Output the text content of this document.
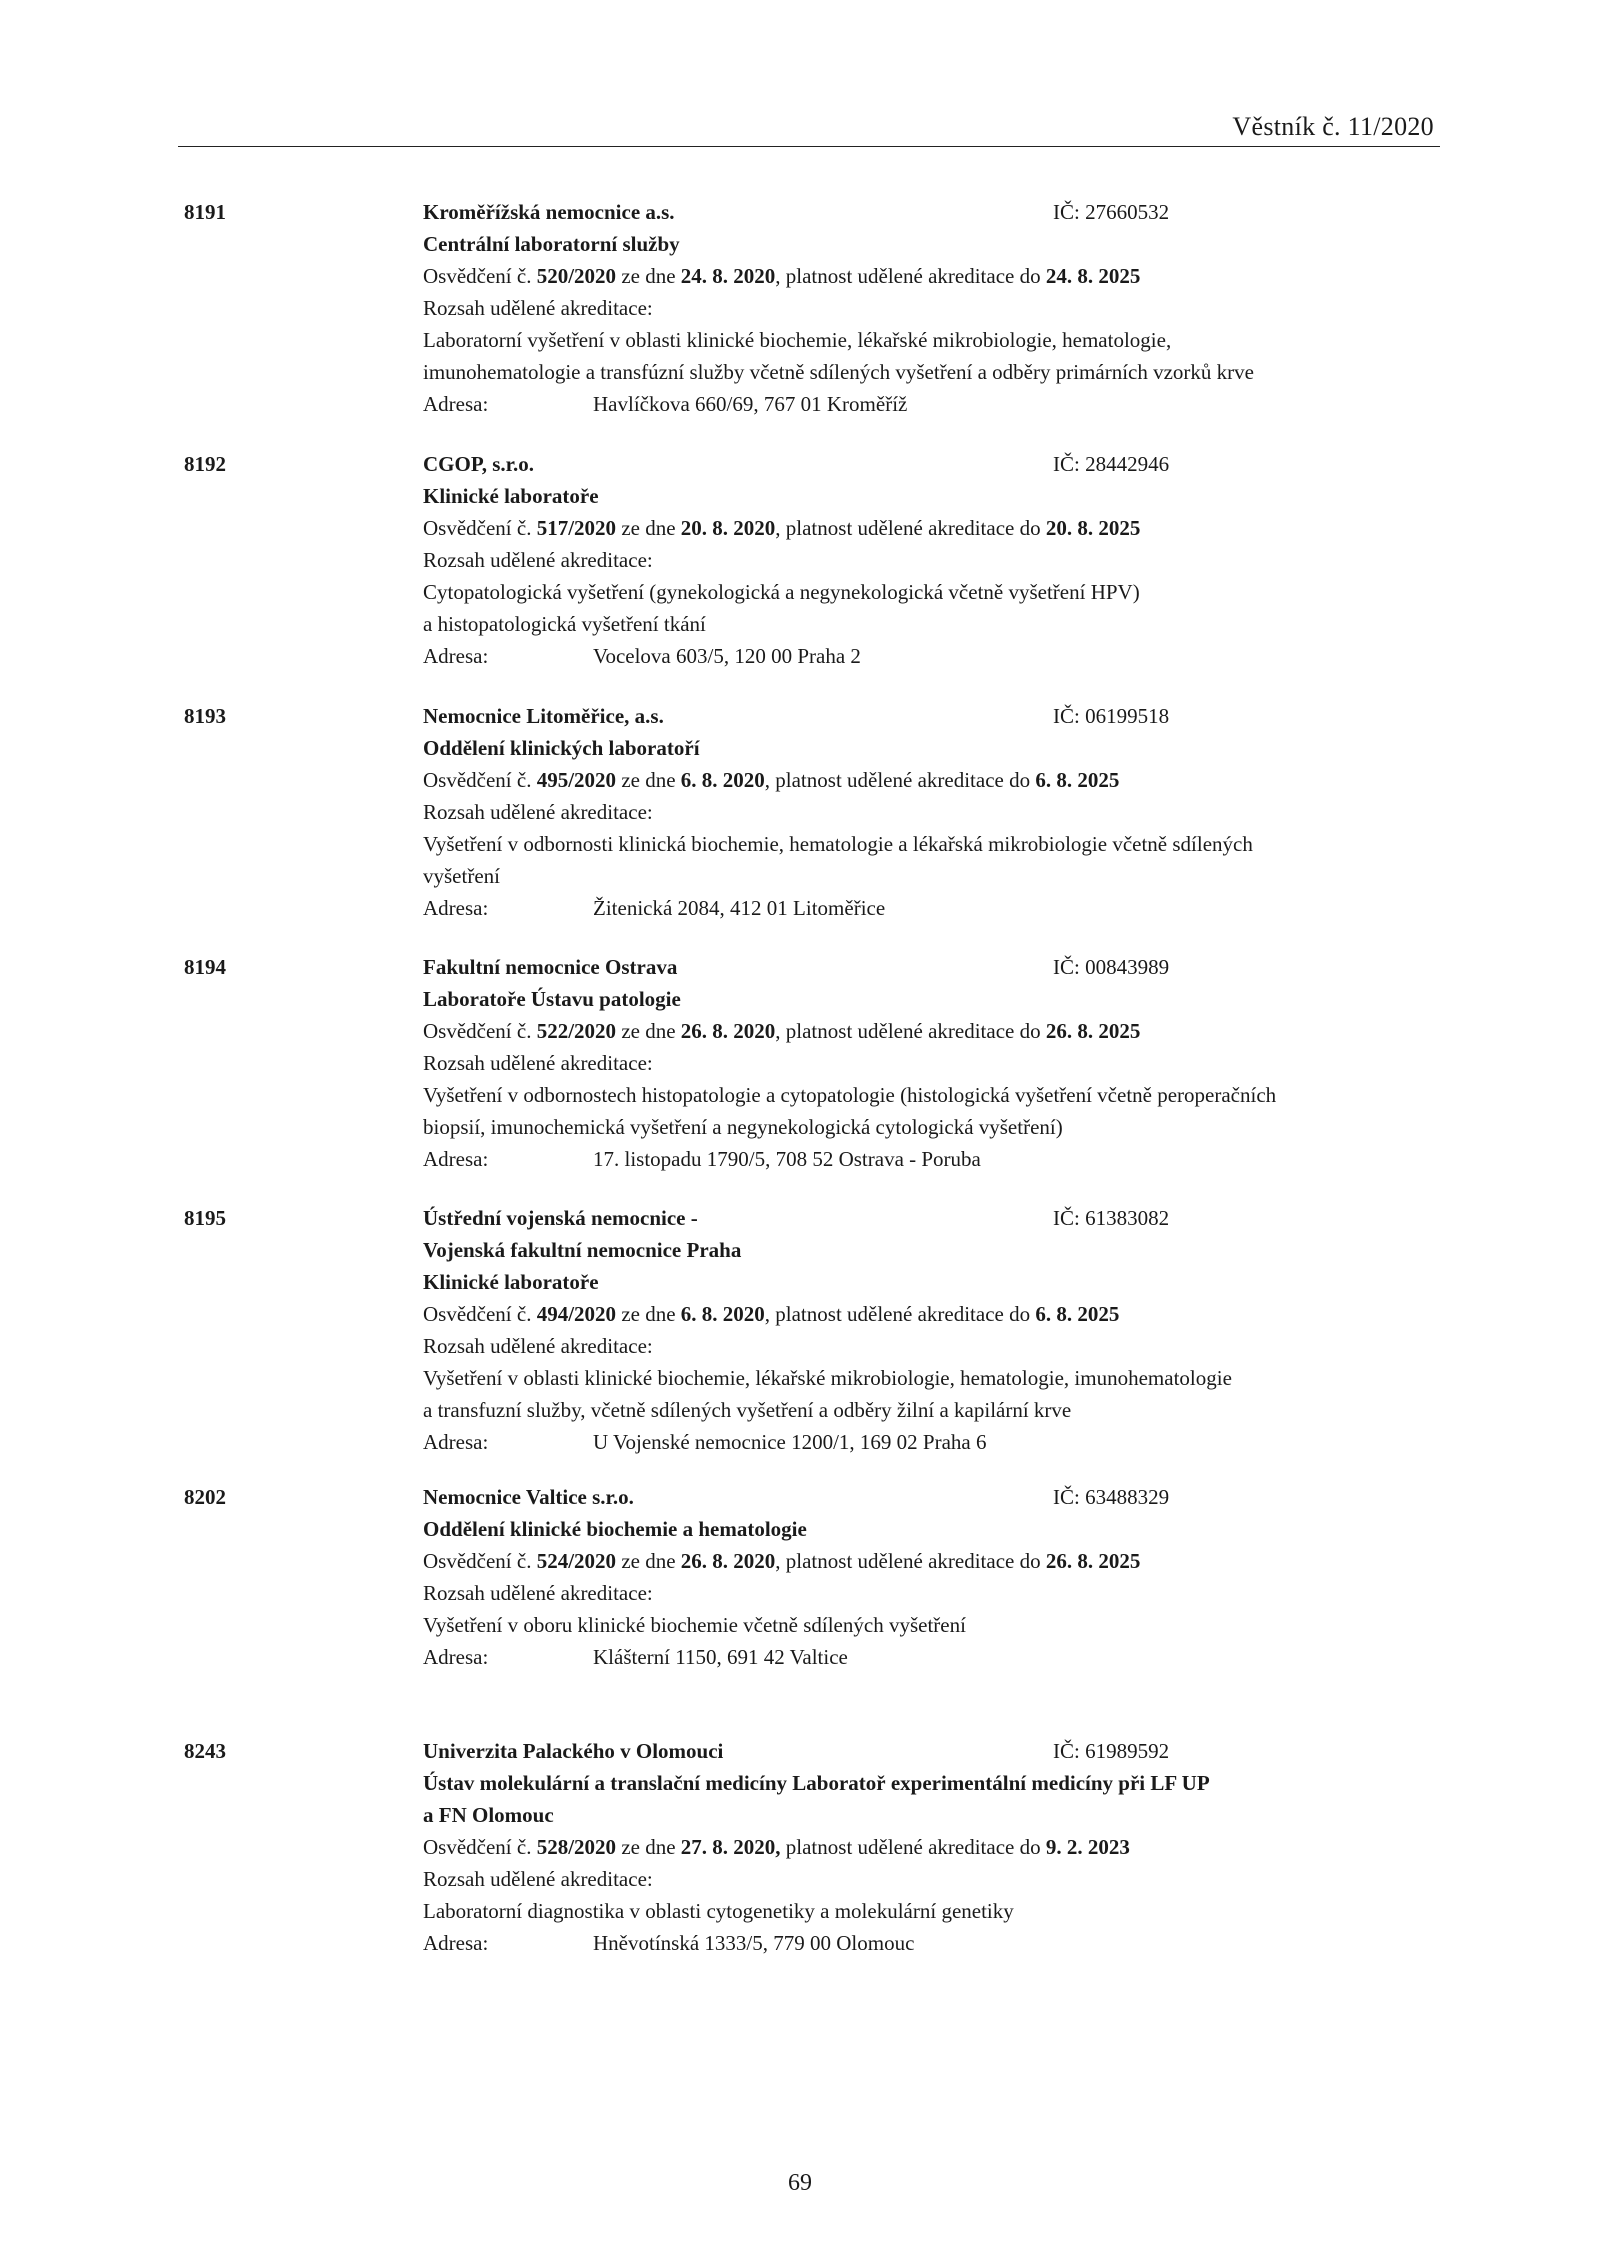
Věstník č. 11/2020
8191	Kroměřížská nemocnice a.s.	IČ: 27660532
Centrální laboratorní služby
Osvědčení č. 520/2020 ze dne 24. 8. 2020, platnost udělené akreditace do 24. 8. 2025
Rozsah udělené akreditace:
Laboratorní vyšetření v oblasti klinické biochemie, lékařské mikrobiologie, hematologie,
imunohematologie a transfúzní služby včetně sdílených vyšetření a odběry primárních vzorků krve
Adresa:	Havlíčkova 660/69, 767 01 Kroměříž
8192	CGOP, s.r.o.	IČ: 28442946
Klinické laboratoře
Osvědčení č. 517/2020 ze dne 20. 8. 2020, platnost udělené akreditace do 20. 8. 2025
Rozsah udělené akreditace:
Cytopatologická vyšetření (gynekologická a negynekologická včetně vyšetření HPV)
a histopatologická vyšetření tkání
Adresa:	Vocelova 603/5, 120 00 Praha 2
8193	Nemocnice Litoměřice, a.s.	IČ: 06199518
Oddělení klinických laboratoří
Osvědčení č. 495/2020 ze dne 6. 8. 2020, platnost udělené akreditace do 6. 8. 2025
Rozsah udělené akreditace:
Vyšetření v odbornosti klinická biochemie, hematologie a lékařská mikrobiologie včetně sdílených
vyšetření
Adresa:	Žitenická 2084, 412 01 Litoměřice
8194	Fakultní nemocnice Ostrava	IČ: 00843989
Laboratoře Ústavu patologie
Osvědčení č. 522/2020 ze dne 26. 8. 2020, platnost udělené akreditace do 26. 8. 2025
Rozsah udělené akreditace:
Vyšetření v odbornostech histopatologie a cytopatologie (histologická vyšetření včetně peroperačních
biopsií, imunochemická vyšetření a negynekologická cytologická vyšetření)
Adresa:	17. listopadu 1790/5, 708 52 Ostrava - Poruba
8195	Ústřední vojenská nemocnice -	IČ: 61383082
Vojenská fakultní nemocnice Praha
Klinické laboratoře
Osvědčení č. 494/2020 ze dne 6. 8. 2020, platnost udělené akreditace do 6. 8. 2025
Rozsah udělené akreditace:
Vyšetření v oblasti klinické biochemie, lékařské mikrobiologie, hematologie, imunohematologie
a transfuzní služby, včetně sdílených vyšetření a odběry žilní a kapilární krve
Adresa:	U Vojenské nemocnice 1200/1, 169 02 Praha 6
8202	Nemocnice Valtice s.r.o.	IČ: 63488329
Oddělení klinické biochemie a hematologie
Osvědčení č. 524/2020 ze dne 26. 8. 2020, platnost udělené akreditace do 26. 8. 2025
Rozsah udělené akreditace:
Vyšetření v oboru klinické biochemie včetně sdílených vyšetření
Adresa:	Klášterní 1150, 691 42 Valtice
8243	Univerzita Palackého v Olomouci	IČ: 61989592
Ústav molekulární a translační medicíny Laboratoř experimentální medicíny při LF UP
a FN Olomouc
Osvědčení č. 528/2020 ze dne 27. 8. 2020, platnost udělené akreditace do 9. 2. 2023
Rozsah udělené akreditace:
Laboratorní diagnostika v oblasti cytogenetiky a molekulární genetiky
Adresa:	Hněvotínská 1333/5, 779 00 Olomouc
69
